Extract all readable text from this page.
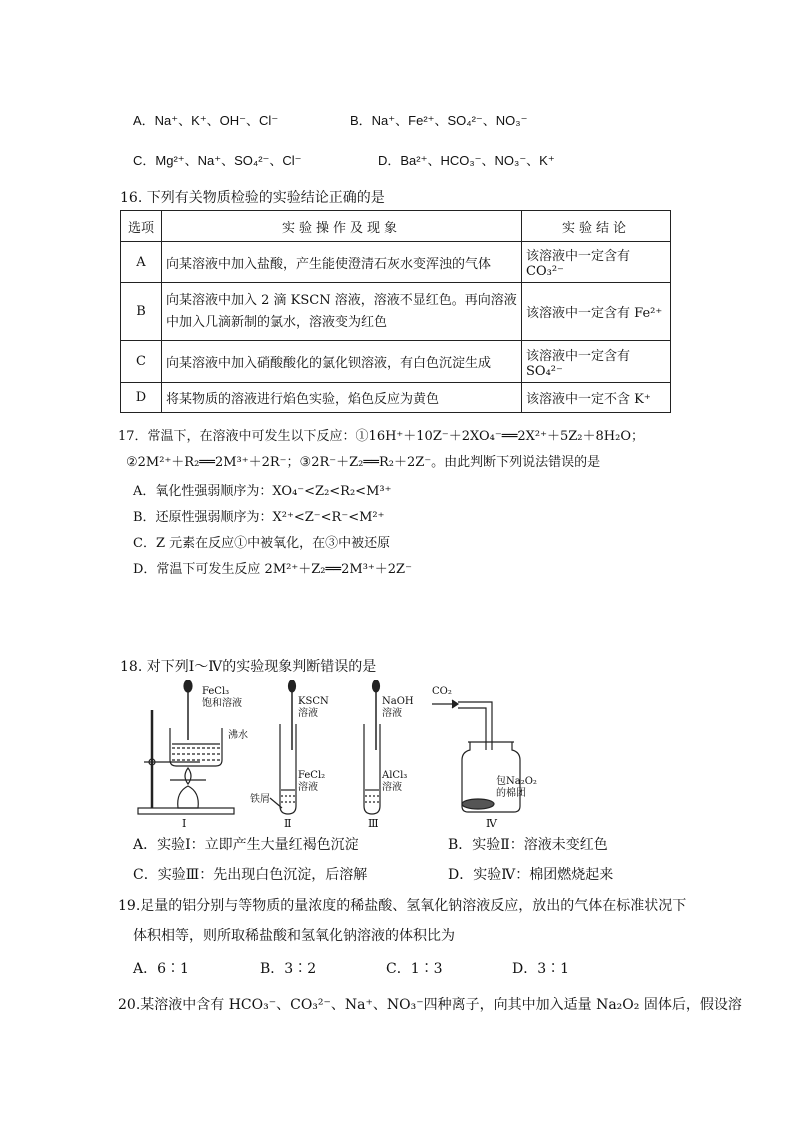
A．Na⁺、K⁺、OH⁻、Cl⁻	B．Na⁺、Fe²⁺、SO₄²⁻、NO₃⁻
C．Mg²⁺、Na⁺、SO₄²⁻、Cl⁻	D．Ba²⁺、HCO₃⁻、NO₃⁻、K⁺
16. 下列有关物质检验的实验结论正确的是
选项	实验操作及现象	实验结论
A	向某溶液中加入盐酸，产生能使澄清石灰水变浑浊的气体	该溶液中一定含有 CO₃²⁻
B	向某溶液中加入 2 滴 KSCN 溶液，溶液不显红色。再向溶液中加入几滴新制的氯水，溶液变为红色	该溶液中一定含有 Fe²⁺
C	向某溶液中加入硝酸酸化的氯化钡溶液，有白色沉淀生成	该溶液中一定含有 SO₄²⁻
D	将某物质的溶液进行焰色实验，焰色反应为黄色	该溶液中一定不含 K⁺
17．常温下，在溶液中可发生以下反应：①16H⁺＋10Z⁻＋2XO₄⁻══2X²⁺＋5Z₂＋8H₂O；
②2M²⁺＋R₂══2M³⁺＋2R⁻；③2R⁻＋Z₂══R₂＋2Z⁻。由此判断下列说法错误的是
A．氧化性强弱顺序为：XO₄⁻<Z₂<R₂<M³⁺
B．还原性强弱顺序为：X²⁺<Z⁻<R⁻<M²⁺
C．Z 元素在反应①中被氧化，在③中被还原
D．常温下可发生反应 2M²⁺＋Z₂══2M³⁺＋2Z⁻
18. 对下列Ⅰ～Ⅳ的实验现象判断错误的是
FeCl₃
饱和溶液
沸水
Ⅰ
KSCN
溶液
FeCl₂
溶液
铁屑
Ⅱ
NaOH
溶液
AlCl₃
溶液
Ⅲ
CO₂
包Na₂O₂
的棉团
Ⅳ
A．实验Ⅰ：立即产生大量红褐色沉淀	B．实验Ⅱ：溶液未变红色
C．实验Ⅲ：先出现白色沉淀，后溶解	D．实验Ⅳ：棉团燃烧起来
19.足量的铝分别与等物质的量浓度的稀盐酸、氢氧化钠溶液反应，放出的气体在标准状况下
体积相等，则所取稀盐酸和氢氧化钠溶液的体积比为
A．6∶1	B．3∶2	C．1∶3	D．3∶1
20.某溶液中含有 HCO₃⁻、CO₃²⁻、Na⁺、NO₃⁻四种离子，向其中加入适量 Na₂O₂ 固体后，假设溶
